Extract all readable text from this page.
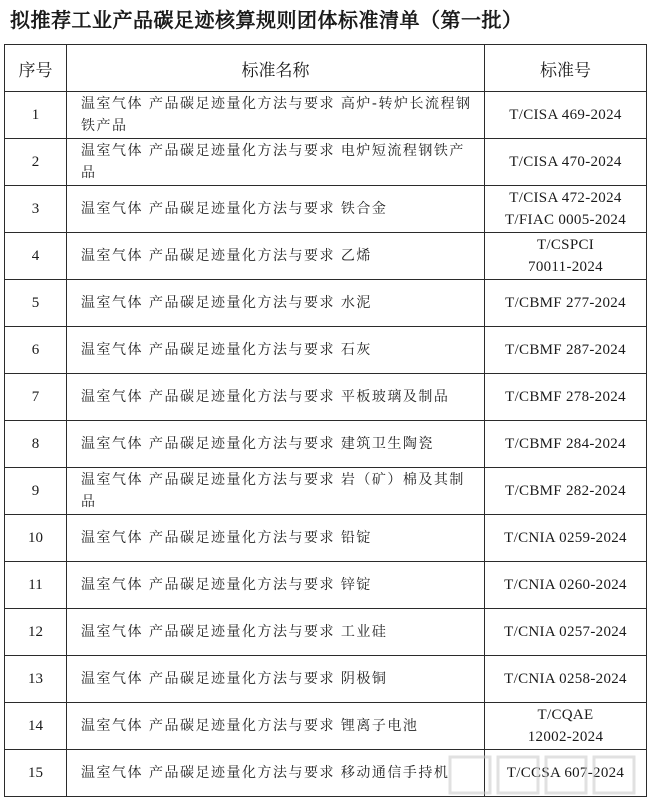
拟推荐工业产品碳足迹核算规则团体标准清单（第一批）
序号	标准名称	标准号
1	温室气体 产品碳足迹量化方法与要求 高炉-转炉长流程钢铁产品	T/CISA 469-2024

2	温室气体 产品碳足迹量化方法与要求 电炉短流程钢铁产品	T/CISA 470-2024

3	温室气体 产品碳足迹量化方法与要求 铁合金	T/CISA 472-2024
T/FIAC 0005-2024

4	温室气体 产品碳足迹量化方法与要求 乙烯	T/CSPCI
70011-2024

5	温室气体 产品碳足迹量化方法与要求 水泥	T/CBMF 277-2024

6	温室气体 产品碳足迹量化方法与要求 石灰	T/CBMF 287-2024

7	温室气体 产品碳足迹量化方法与要求 平板玻璃及制品	T/CBMF 278-2024

8	温室气体 产品碳足迹量化方法与要求 建筑卫生陶瓷	T/CBMF 284-2024

9	温室气体 产品碳足迹量化方法与要求 岩（矿）棉及其制品	T/CBMF 282-2024

10	温室气体 产品碳足迹量化方法与要求 铅锭	T/CNIA 0259-2024

11	温室气体 产品碳足迹量化方法与要求 锌锭	T/CNIA 0260-2024

12	温室气体 产品碳足迹量化方法与要求 工业硅	T/CNIA 0257-2024

13	温室气体 产品碳足迹量化方法与要求 阴极铜	T/CNIA 0258-2024

14	温室气体 产品碳足迹量化方法与要求 锂离子电池	T/CQAE
12002-2024

15	温室气体 产品碳足迹量化方法与要求 移动通信手持机	T/CCSA 607-2024
